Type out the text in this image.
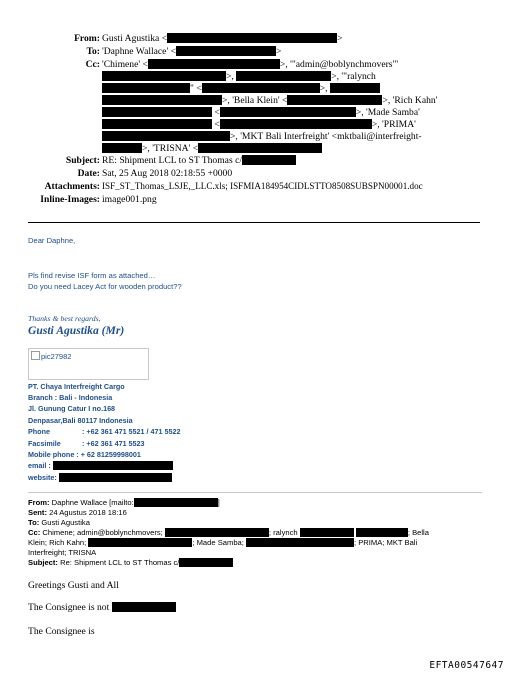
From: Gusti Agustika <	>
To: 'Daphne Wallace' <	>
Cc: 'Chimene' <	>, '"admin@boblynchmovers"'
>,	>, '"ralynch
" <	>,
>, 'Bella Klein' <	>, 'Rich Kahn'
<	>, 'Made Samba'
<	>, 'PRIMA'
>, 'MKT Bali Interfreight' <mktbali@interfreight-
>, 'TRISNA' <
Subject: RE: Shipment LCL to ST Thomas c/
Date: Sat, 25 Aug 2018 02:18:55 +0000
Attachments: ISF_ST_Thomas_LSJE,_LLC.xls; ISFMIA184954CIDLSTTO8508SUBSPN00001.doc
Inline-Images: image001.png
Dear Daphne,
Pls find revise ISF form as attached…
Do you need Lacey Act for wooden product??
Thanks & best regards,
Gusti Agustika (Mr)
pic27982
PT. Chaya Interfreight Cargo
Branch : Bali - Indonesia
Jl. Gunung Catur I no.168
Denpasar,Bali 80117 Indonesia
Phone	: +62 361 471 5521 / 471 5522
Facsimile	: +62 361 471 5523
Mobile phone : + 62 81259998001
email :
website:
From: Daphne Wallace [mailto:	]
Sent: 24 Agustus 2018 18:16
To: Gusti Agustika
Cc: Chimene; admin@boblynchmovers;	; ralynch	; Bella
Klein; Rich Kahn;	; Made Samba;	; PRIMA; MKT Bali
Interfreight; TRISNA
Subject: Re: Shipment LCL to ST Thomas c/
Greetings Gusti and All
The Consignee is not
The Consignee is
EFTA00547647
